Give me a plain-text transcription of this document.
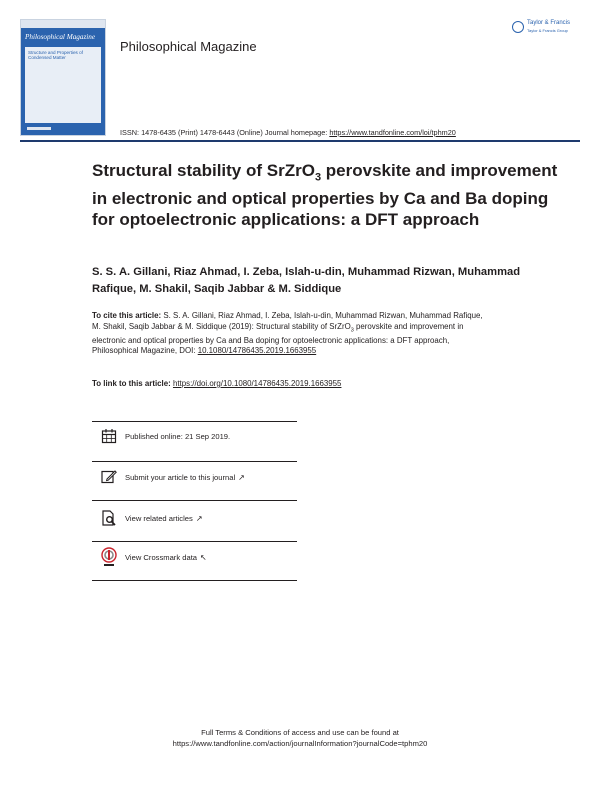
Philosophical Magazine
Structure and Properties of Condensed Matter
Philosophical Magazine
Taylor & Francis
Taylor & Francis Group
ISSN: 1478-6435 (Print) 1478-6443 (Online) Journal homepage: https://www.tandfonline.com/loi/tphm20
Structural stability of SrZrO$_3$ perovskite and improvement in electronic and optical properties by Ca and Ba doping for optoelectronic applications: a DFT approach
S. S. A. Gillani, Riaz Ahmad, I. Zeba, Islah-u-din, Muhammad Rizwan, Muhammad Rafique, M. Shakil, Saqib Jabbar & M. Siddique
To cite this article: S. S. A. Gillani, Riaz Ahmad, I. Zeba, Islah-u-din, Muhammad Rizwan, Muhammad Rafique, M. Shakil, Saqib Jabbar & M. Siddique (2019): Structural stability of SrZrO$_3$ perovskite and improvement in electronic and optical properties by Ca and Ba doping for optoelectronic applications: a DFT approach, Philosophical Magazine, DOI: 10.1080/14786435.2019.1663955
To link to this article: https://doi.org/10.1080/14786435.2019.1663955
Published online: 21 Sep 2019.
Submit your article to this journal ↗
View related articles ↗
View Crossmark data ↖
Full Terms & Conditions of access and use can be found at
https://www.tandfonline.com/action/journalInformation?journalCode=tphm20
